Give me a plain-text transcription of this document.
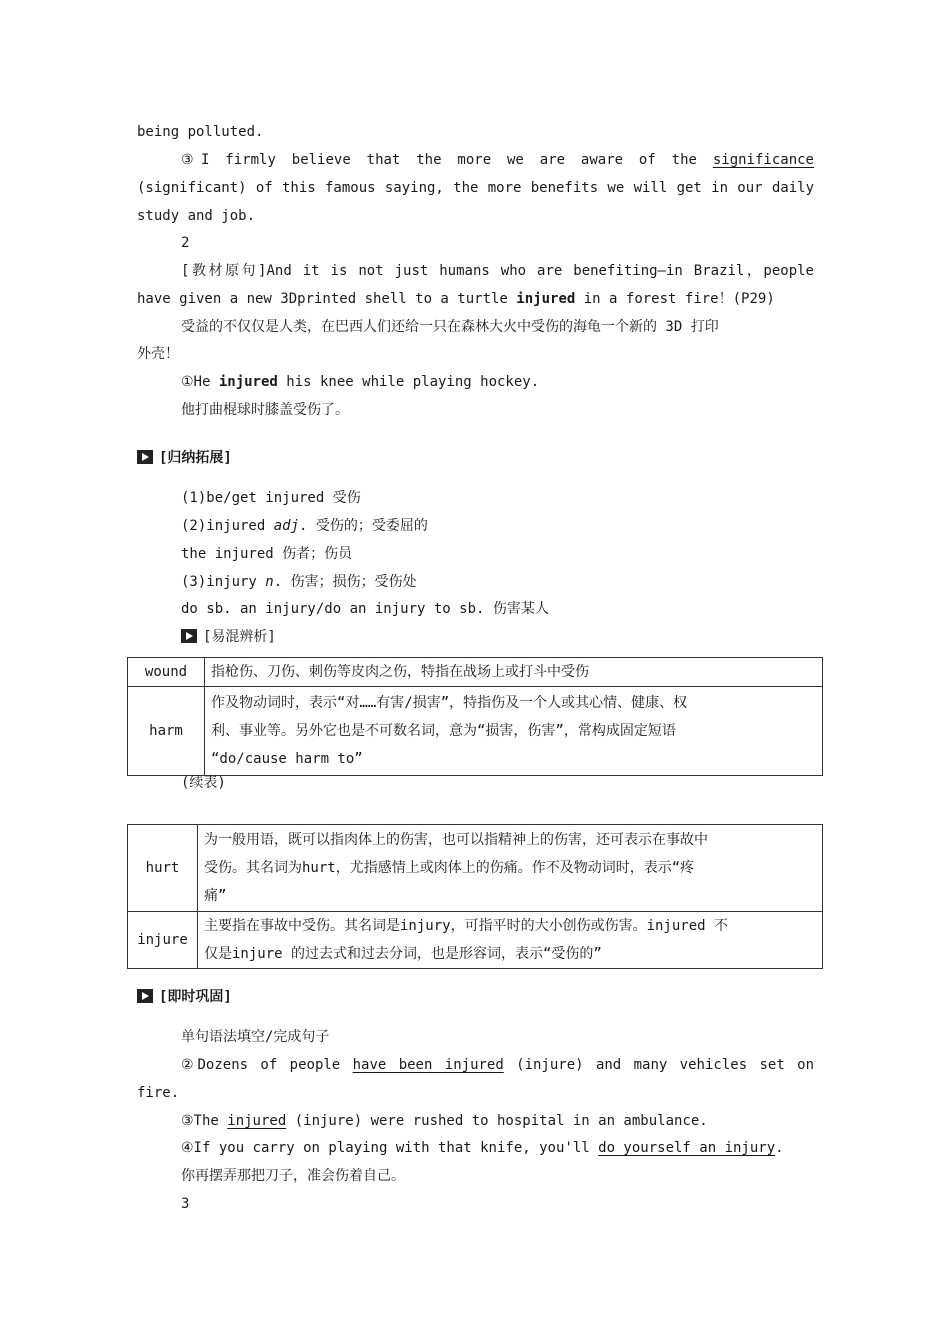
being polluted.
③I firmly believe that the more we are aware of the significance
(significant) of this famous saying, the more benefits we will get in our daily
study and job.
2
[教材原句]And it is not just humans who are benefiting—in Brazil，people
have given a new 3Dprinted shell to a turtle injured in a forest fire！(P29)
受益的不仅仅是人类，在巴西人们还给一只在森林大火中受伤的海龟一个新的 3D 打印
外壳！
①He injured his knee while playing hockey.
他打曲棍球时膝盖受伤了。
[归纳拓展]
(1)be/get injured 受伤
(2)injured adj. 受伤的；受委屈的
the injured 伤者；伤员
(3)injury n. 伤害；损伤；受伤处
do sb. an injury/do an injury to sb. 伤害某人
[易混辨析]
wound	指枪伤、刀伤、刺伤等皮肉之伤，特指在战场上或打斗中受伤

harm	作及物动词时，表示“对……有害/损害”，特指伤及一个人或其心情、健康、权
利、事业等。另外它也是不可数名词，意为“损害，伤害”，常构成固定短语
“do/cause harm to”
(续表)
hurt	为一般用语，既可以指肉体上的伤害，也可以指精神上的伤害，还可表示在事故中
受伤。其名词为hurt，尤指感情上或肉体上的伤痛。作不及物动词时，表示“疼
痛”

injure	主要指在事故中受伤。其名词是injury，可指平时的大小创伤或伤害。injured 不
仅是injure 的过去式和过去分词，也是形容词，表示“受伤的”
[即时巩固]
单句语法填空/完成句子
②Dozens of people have been injured (injure) and many vehicles set on
fire.
③The injured (injure) were rushed to hospital in an ambulance.
④If you carry on playing with that knife, you'll do yourself an injury.
你再摆弄那把刀子，准会伤着自己。
3
